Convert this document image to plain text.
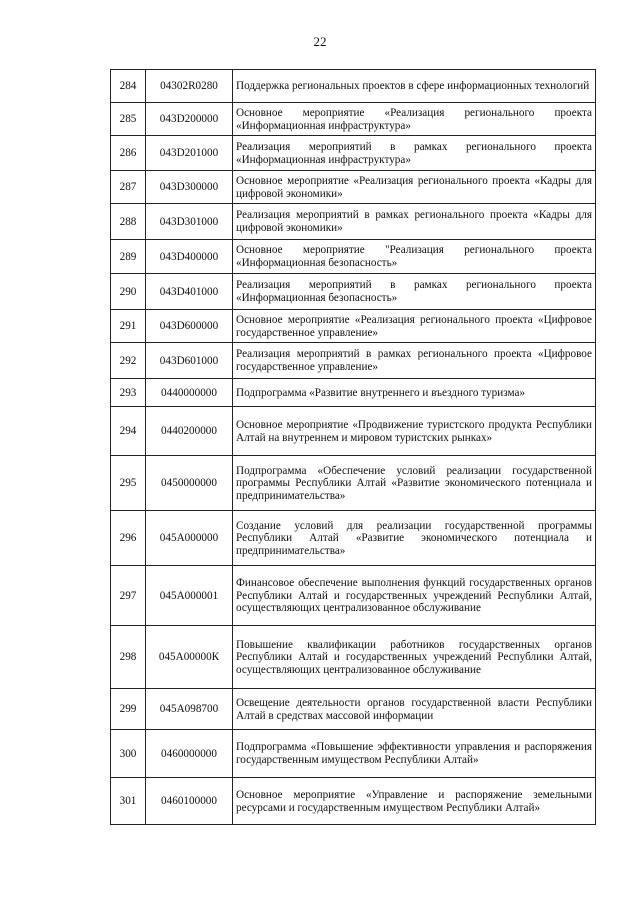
22
284	04302R0280	Поддержка региональных проектов в сфере информационных технологий
285	043D200000	Основное мероприятие «Реализация регионального проекта «Информационная инфраструктура»
286	043D201000	Реализация мероприятий в рамках регионального проекта «Информационная инфраструктура»
287	043D300000	Основное мероприятие «Реализация регионального проекта «Кадры для цифровой экономики»
288	043D301000	Реализация мероприятий в рамках регионального проекта «Кадры для цифровой экономики»
289	043D400000	Основное мероприятие "Реализация регионального проекта «Информационная безопасность»
290	043D401000	Реализация мероприятий в рамках регионального проекта «Информационная безопасность»
291	043D600000	Основное мероприятие «Реализация регионального проекта «Цифровое государственное управление»
292	043D601000	Реализация мероприятий в рамках регионального проекта «Цифровое государственное управление»
293	0440000000	Подпрограмма «Развитие внутреннего и въездного туризма»
294	0440200000	Основное мероприятие «Продвижение туристского продукта Республики Алтай на внутреннем и мировом туристских рынках»
295	0450000000	Подпрограмма «Обеспечение условий реализации государственной программы Республики Алтай «Развитие экономического потенциала и предпринимательства»
296	045A000000	Создание условий для реализации государственной программы Республики Алтай «Развитие экономического потенциала и предпринимательства»
297	045A000001	Финансовое обеспечение выполнения функций государственных органов Республики Алтай и государственных учреждений Республики Алтай, осуществляющих централизованное обслуживание
298	045A00000К	Повышение квалификации работников государственных органов Республики Алтай и государственных учреждений Республики Алтай, осуществляющих централизованное обслуживание
299	045A098700	Освещение деятельности органов государственной власти Республики Алтай в средствах массовой информации
300	0460000000	Подпрограмма «Повышение эффективности управления и распоряжения государственным имуществом Республики Алтай»
301	0460100000	Основное мероприятие «Управление и распоряжение земельными ресурсами и государственным имуществом Республики Алтай»
